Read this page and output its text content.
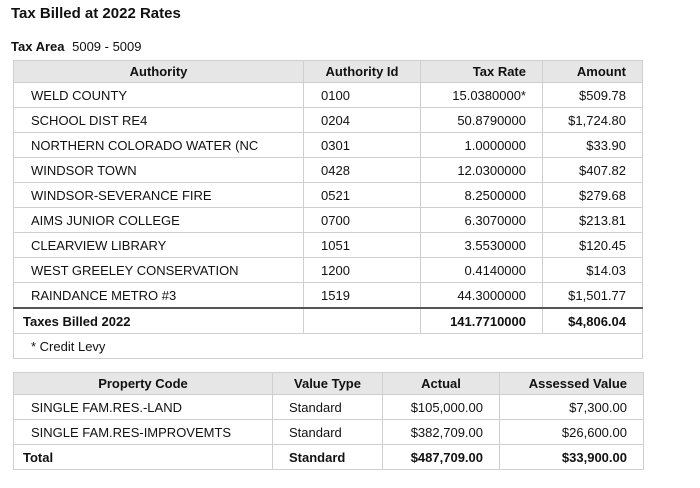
Tax Billed at 2022 Rates
Tax Area 5009 - 5009
Authority	Authority Id	Tax Rate	Amount
WELD COUNTY	0100	15.0380000*	$509.78
SCHOOL DIST RE4	0204	50.8790000	$1,724.80
NORTHERN COLORADO WATER (NC	0301	1.0000000	$33.90
WINDSOR TOWN	0428	12.0300000	$407.82
WINDSOR-SEVERANCE FIRE	0521	8.2500000	$279.68
AIMS JUNIOR COLLEGE	0700	6.3070000	$213.81
CLEARVIEW LIBRARY	1051	3.5530000	$120.45
WEST GREELEY CONSERVATION	1200	0.4140000	$14.03
RAINDANCE METRO #3	1519	44.3000000	$1,501.77
Taxes Billed 2022		141.7710000	$4,806.04
* Credit Levy			
Property Code	Value Type	Actual	Assessed Value
SINGLE FAM.RES.-LAND	Standard	$105,000.00	$7,300.00
SINGLE FAM.RES-IMPROVEMTS	Standard	$382,709.00	$26,600.00
Total	Standard	$487,709.00	$33,900.00
